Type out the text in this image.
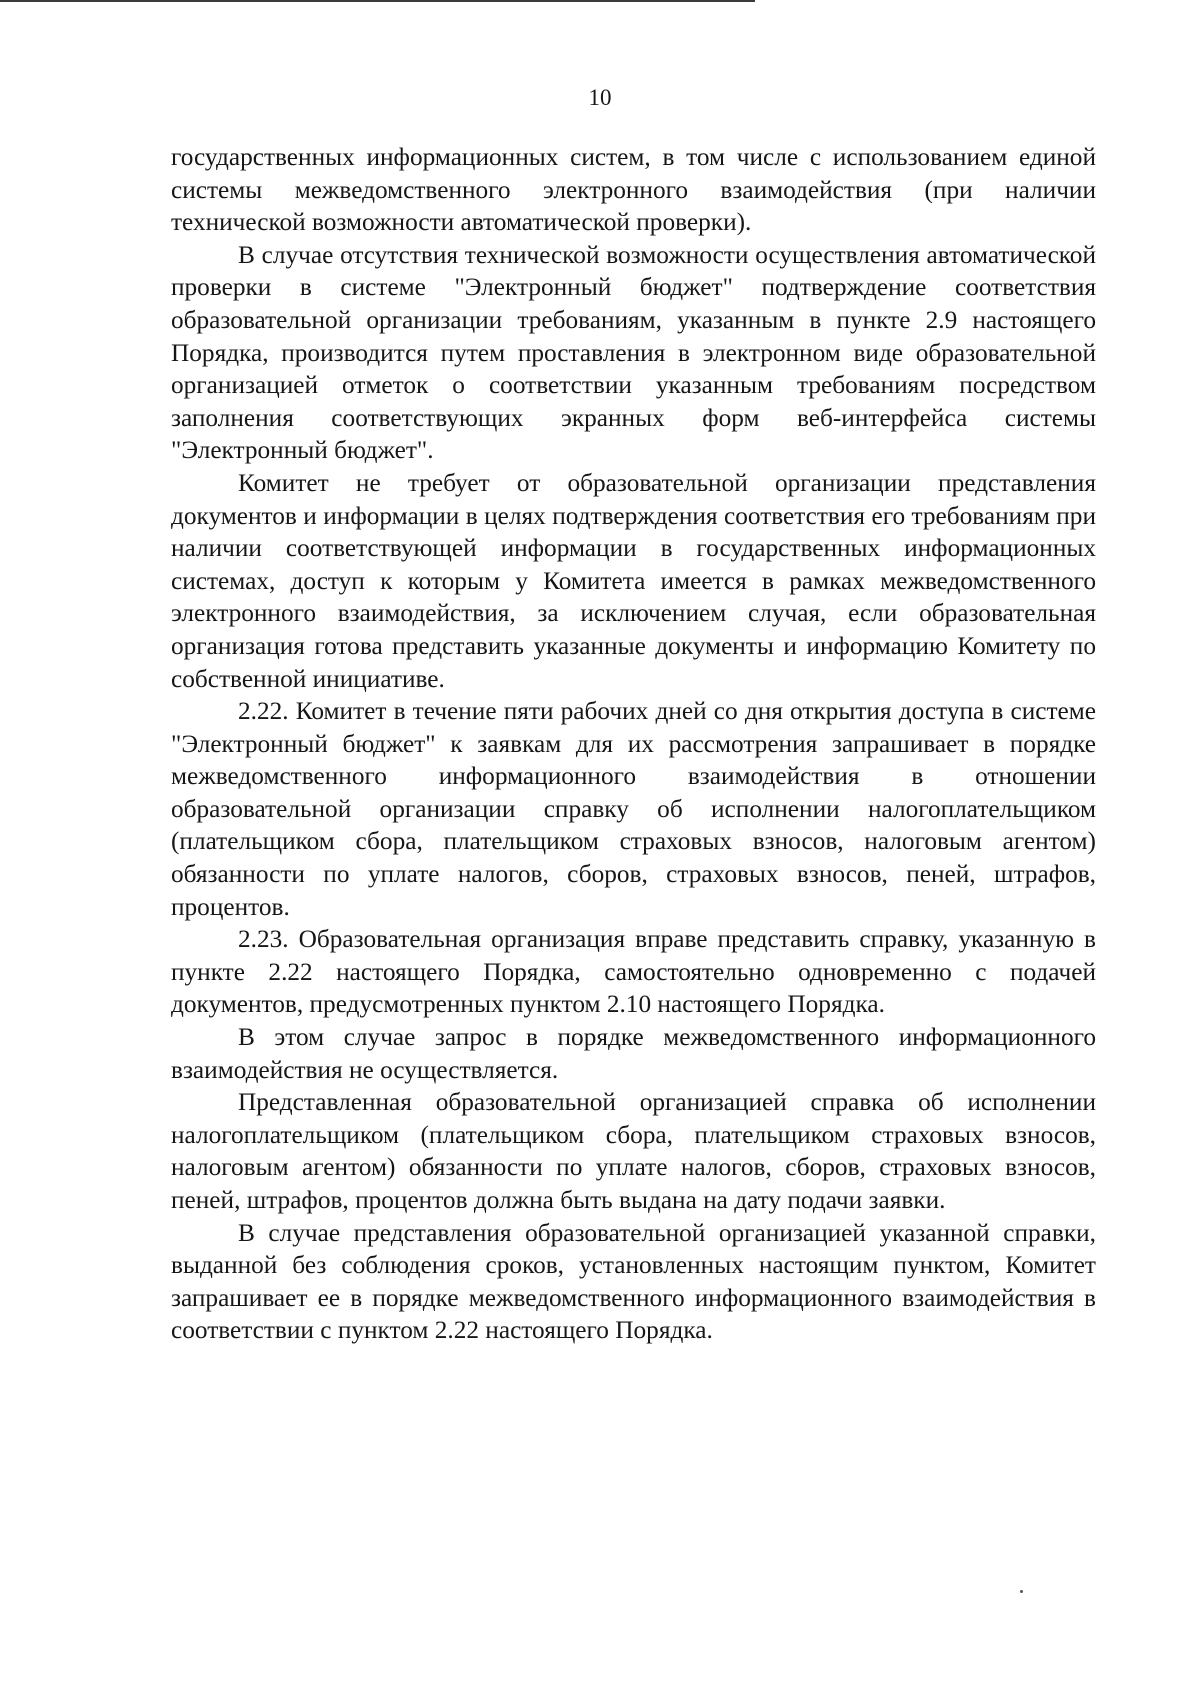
10

государственных информационных систем, в том числе с использованием единой системы межведомственного электронного взаимодействия (при наличии технической возможности автоматической проверки).

В случае отсутствия технической возможности осуществления автоматической проверки в системе "Электронный бюджет" подтверждение соответствия образовательной организации требованиям, указанным в пункте 2.9 настоящего Порядка, производится путем проставления в электронном виде образовательной организацией отметок о соответствии указанным требованиям посредством заполнения соответствующих экранных форм веб-интерфейса системы "Электронный бюджет".

Комитет не требует от образовательной организации представления документов и информации в целях подтверждения соответствия его требованиям при наличии соответствующей информации в государственных информационных системах, доступ к которым у Комитета имеется в рамках межведомственного электронного взаимодействия, за исключением случая, если образовательная организация готова представить указанные документы и информацию Комитету по собственной инициативе.

2.22. Комитет в течение пяти рабочих дней со дня открытия доступа в системе "Электронный бюджет" к заявкам для их рассмотрения запрашивает в порядке межведомственного информационного взаимодействия в отношении образовательной организации справку об исполнении налогоплательщиком (плательщиком сбора, плательщиком страховых взносов, налоговым агентом) обязанности по уплате налогов, сборов, страховых взносов, пеней, штрафов, процентов.

2.23. Образовательная организация вправе представить справку, указанную в пункте 2.22 настоящего Порядка, самостоятельно одновременно с подачей документов, предусмотренных пунктом 2.10 настоящего Порядка.

В этом случае запрос в порядке межведомственного информационного взаимодействия не осуществляется.

Представленная образовательной организацией справка об исполнении налогоплательщиком (плательщиком сбора, плательщиком страховых взносов, налоговым агентом) обязанности по уплате налогов, сборов, страховых взносов, пеней, штрафов, процентов должна быть выдана на дату подачи заявки.

В случае представления образовательной организацией указанной справки, выданной без соблюдения сроков, установленных настоящим пунктом, Комитет запрашивает ее в порядке межведомственного информационного взаимодействия в соответствии с пунктом 2.22 настоящего Порядка.
